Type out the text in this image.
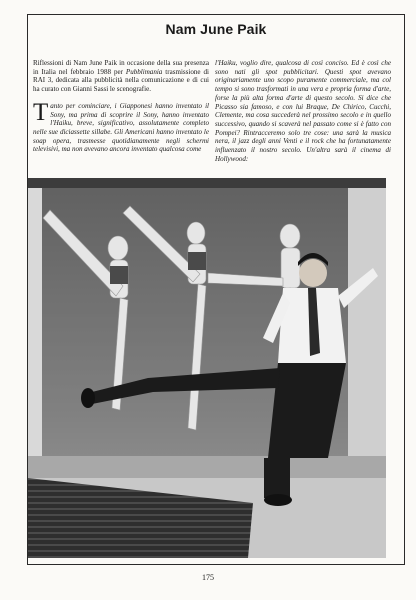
Nam June Paik

Riflessioni di Nam June Paik in occasione della sua presenza in Italia nel febbraio 1988 per Pubblimania trasmissione di RAI 3, dedicata alla pubblicità nella comunicazione e di cui ha curato con Gianni Sassi le scenografie.

Tanto per cominciare, i Giapponesi hanno inventato il Sony, ma prima di scoprire il Sony, hanno inventato l'Haiku, breve, significativo, assolutamente completo nelle sue diciassette sillabe. Gli Americani hanno inventato le soap opera, trasmesse quotidianamente negli schermi televisivi, ma non avevano ancora inventato qualcosa come

l'Haiku, voglio dire, qualcosa di così conciso. Ed è così che sono nati gli spot pubblicitari. Questi spot avevano originariamente uno scopo puramente commerciale, ma col tempo si sono trasformati in una vera e propria forma d'arte, forse la più alta forma d'arte di questo secolo. Si dice che Picasso sia famoso, e con lui Braque, De Chirico, Cucchi, Clemente, ma cosa succederà nel prossimo secolo e in quello successivo, quando si scaverà nel passato come si è fatto con Pompei? Rintracceremo solo tre cose: una sarà la musica nera, il jazz degli anni Venti e il rock che ha fortunatamente influenzato il nostro secolo. Un'altra sarà il cinema di Hollywood:

175
